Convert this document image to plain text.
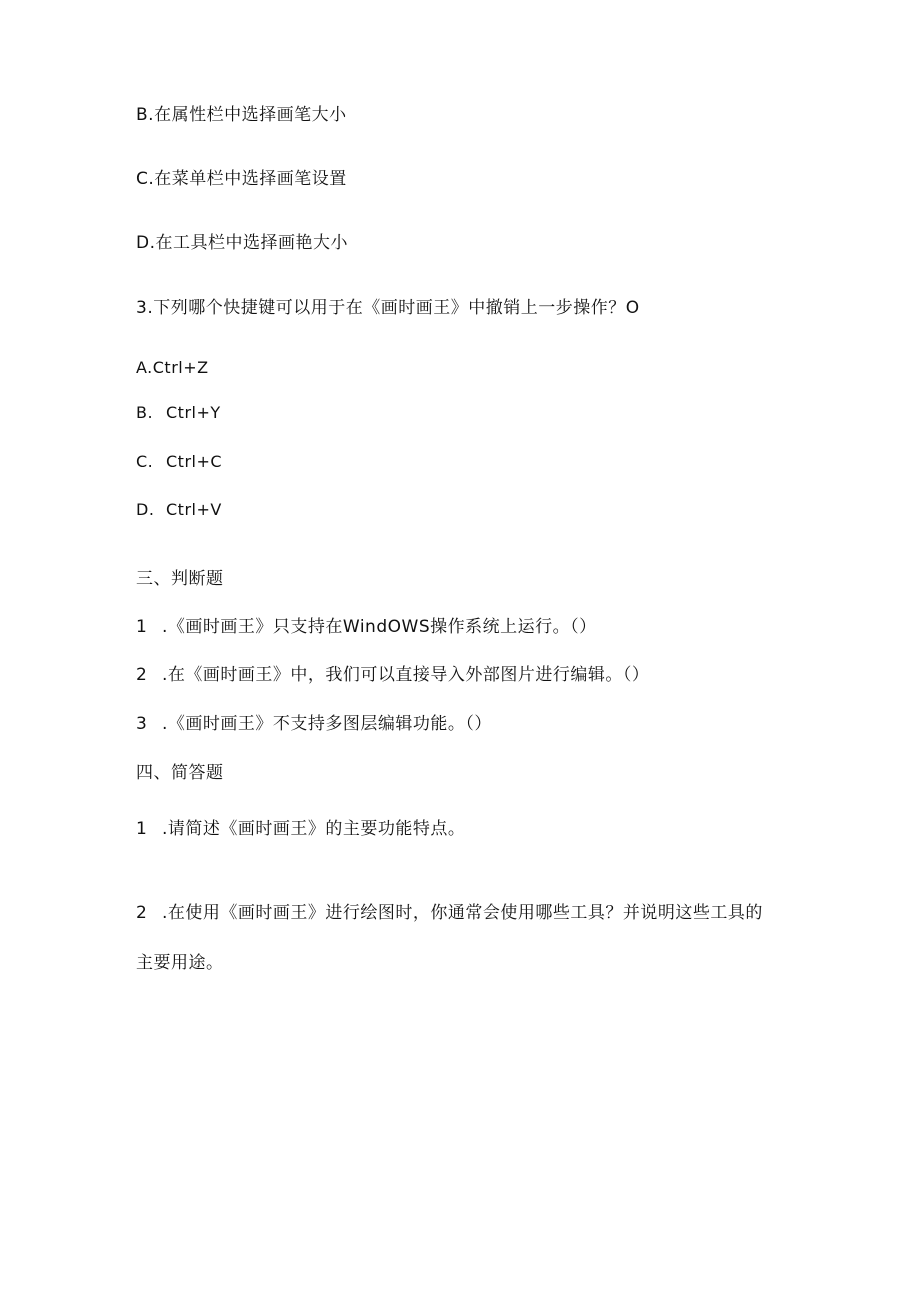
B.在属性栏中选择画笔大小
C.在菜单栏中选择画笔设置
D.在工具栏中选择画艳大小
3.下列哪个快捷键可以用于在《画时画王》中撤销上一步操作？O
A.Ctrl+Z
B. Ctrl+Y
C. Ctrl+C
D. Ctrl+V
三、判断题
1 .《画时画王》只支持在WindOWS操作系统上运行。（）
2 .在《画时画王》中，我们可以直接导入外部图片进行编辑。（）
3 .《画时画王》不支持多图层编辑功能。（）
四、简答题
1 .请简述《画时画王》的主要功能特点。
2 .在使用《画时画王》进行绘图时，你通常会使用哪些工具？并说明这些工具的主要用途。
